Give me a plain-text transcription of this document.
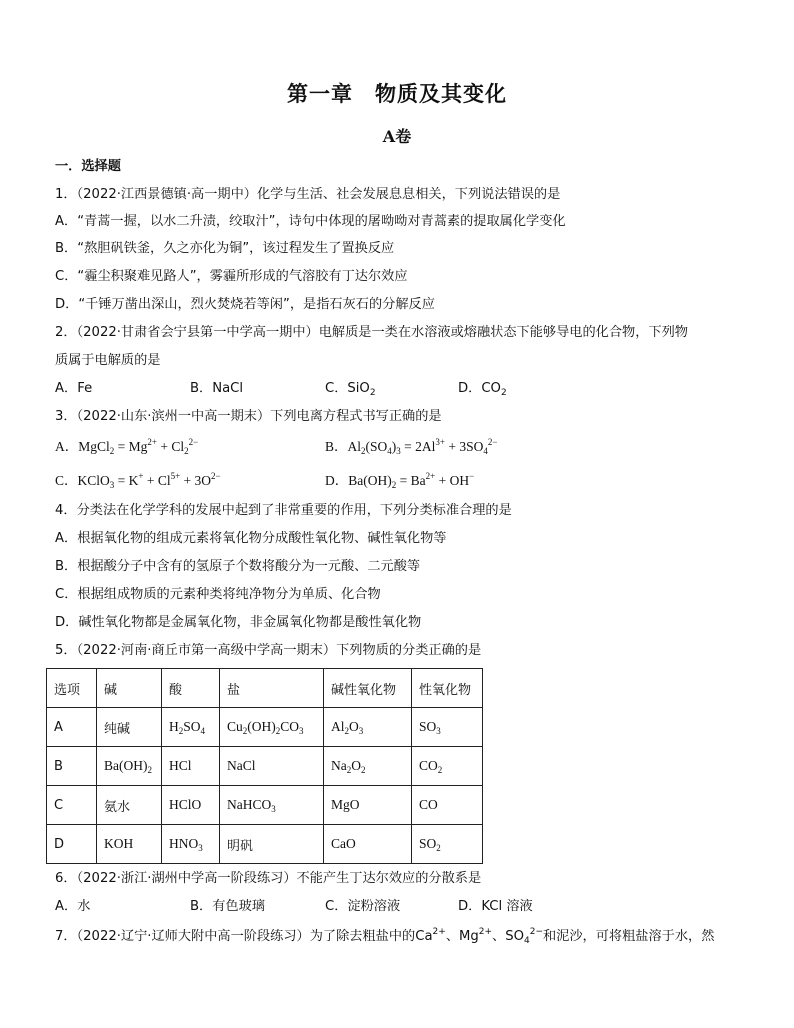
第一章　物质及其变化
A卷
一．选择题
1．（2022·江西景德镇·高一期中）化学与生活、社会发展息息相关，下列说法错误的是
A．“青蒿一握，以水二升渍，绞取汁”，诗句中体现的屠呦呦对青蒿素的提取属化学变化
B．“熬胆矾铁釜，久之亦化为铜”，该过程发生了置换反应
C．“霾尘积聚难见路人”，雾霾所形成的气溶胶有丁达尔效应
D．“千锤万凿出深山，烈火焚烧若等闲”，是指石灰石的分解反应
2．（2022·甘肃省会宁县第一中学高一期中）电解质是一类在水溶液或熔融状态下能够导电的化合物，下列物
质属于电解质的是
A．Fe	B．NaCl	C．SiO$_2$	D．$CO_2$
3．（2022·山东·滨州一中高一期末）下列电离方程式书写正确的是
A．MgCl$_2$ = $Mg^{2+} + Cl_2^{2-}$	B．$Al_2(SO_4)_3 = 2Al^{3+} + 3SO_4^{2-}$
C．KClO$_3$ = $K^+ + Cl^{5+} + 3O^{2-}$	D．$Ba(OH)_2 = Ba^{2+} + OH^-$
4．分类法在化学学科的发展中起到了非常重要的作用，下列分类标准合理的是
A．根据氧化物的组成元素将氧化物分成酸性氧化物、碱性氧化物等
B．根据酸分子中含有的氢原子个数将酸分为一元酸、二元酸等
C．根据组成物质的元素种类将纯净物分为单质、化合物
D．碱性氧化物都是金属氧化物，非金属氧化物都是酸性氧化物
5．（2022·河南·商丘市第一高级中学高一期末）下列物质的分类正确的是
选项	碱	酸	盐	碱性氧化物	性氧化物
A	纯碱	$H_2SO_4$	$Cu_2(OH)_2CO_3$	$Al_2O_3$	$SO_3$
B	$Ba(OH)_2$	HCl	NaCl	$Na_2O_2$	$CO_2$
C	氨水	HClO	NaHCO$_3$	MgO	CO
D	KOH	$HNO_3$	明矾	CaO	$SO_2$
6．（2022·浙江·湖州中学高一阶段练习）不能产生丁达尔效应的分散系是
A．水	B．有色玻璃	C．淀粉溶液	D．KCl 溶液
7．（2022·辽宁·辽师大附中高一阶段练习）为了除去粗盐中的$Ca^{2+}$、$Mg^{2+}$、$SO_4^{2-}$和泥沙，可将粗盐溶于水，然
